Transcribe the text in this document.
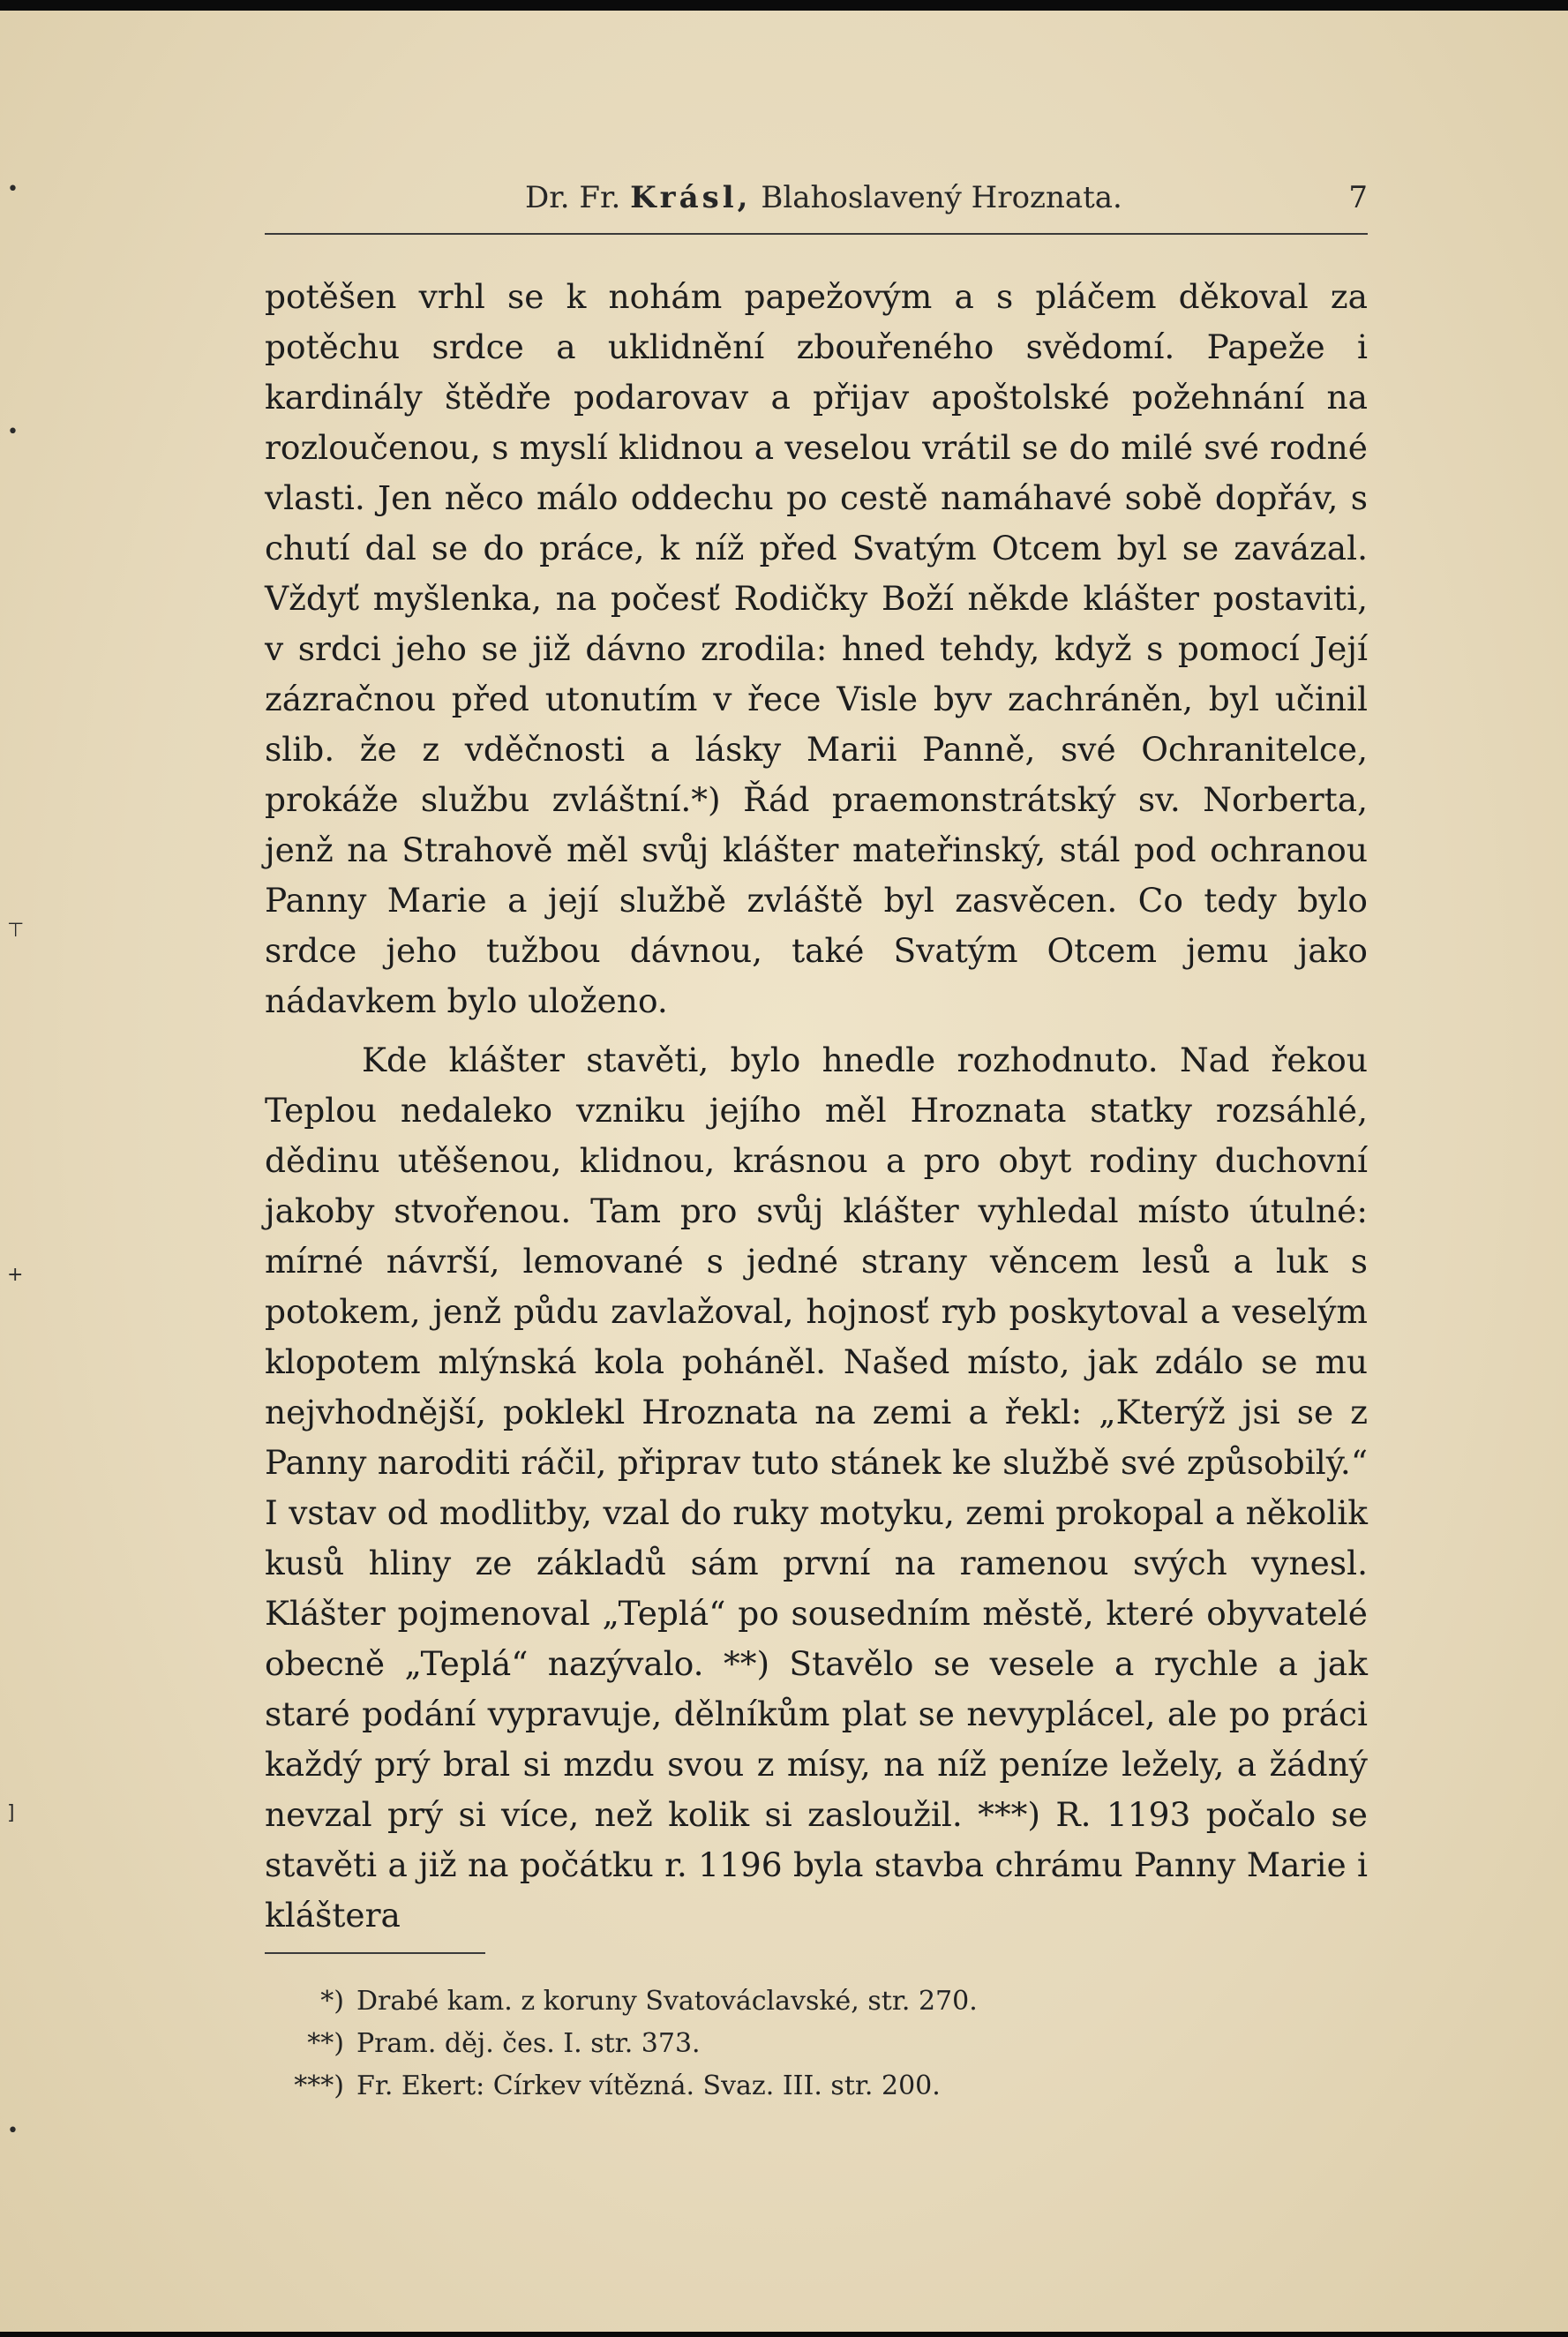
•
•
⊤
+
]
•
Dr. Fr. Krásl, Blahoslavený Hroznata.	7

potěšen vrhl se k nohám papežovým a s pláčem děkoval za potěchu srdce a uklidnění zbouřeného svědomí. Papeže i kardinály štědře podarovav a přijav apoštolské požehnání na rozloučenou, s myslí klidnou a veselou vrátil se do milé své rodné vlasti. Jen něco málo oddechu po cestě namáhavé sobě dopřáv, s chutí dal se do práce, k níž před Svatým Otcem byl se zavázal. Vždyť myšlenka, na počesť Rodičky Boží někde klášter postaviti, v srdci jeho se již dávno zrodila: hned tehdy, když s pomocí Její zázračnou před utonutím v řece Visle byv zachráněn, byl učinil slib. že z vděčnosti a lásky Marii Panně, své Ochranitelce, prokáže službu zvláštní.*) Řád praemonstrátský sv. Norberta, jenž na Strahově měl svůj klášter mateřinský, stál pod ochranou Panny Marie a její službě zvláště byl zasvěcen. Co tedy bylo srdce jeho tužbou dávnou, také Svatým Otcem jemu jako nádavkem bylo uloženo.

Kde klášter stavěti, bylo hnedle rozhodnuto. Nad řekou Teplou nedaleko vzniku jejího měl Hroznata statky rozsáhlé, dědinu utěšenou, klidnou, krásnou a pro obyt rodiny duchovní jakoby stvořenou. Tam pro svůj klášter vyhledal místo útulné: mírné návrší, lemované s jedné strany věncem lesů a luk s potokem, jenž půdu zavlažoval, hojnosť ryb poskytoval a veselým klopotem mlýnská kola poháněl. Našed místo, jak zdálo se mu nejvhodnější, poklekl Hroznata na zemi a řekl: „Kterýž jsi se z Panny naroditi ráčil, připrav tuto stánek ke službě své způsobilý.“ I vstav od modlitby, vzal do ruky motyku, zemi prokopal a několik kusů hliny ze základů sám první na ramenou svých vynesl. Klášter pojmenoval „Teplá“ po sousedním městě, které obyvatelé obecně „Teplá“ nazývalo. **) Stavělo se vesele a rychle a jak staré podání vypravuje, dělníkům plat se nevyplácel, ale po práci každý prý bral si mzdu svou z mísy, na níž peníze ležely, a žádný nevzal prý si více, než kolik si zasloužil. ***) R. 1193 počalo se stavěti a již na počátku r. 1196 byla stavba chrámu Panny Marie i kláštera

*) Drabé kam. z koruny Svatováclavské, str. 270.
**) Pram. děj. čes. I. str. 373.
***) Fr. Ekert: Církev vítězná. Svaz. III. str. 200.
